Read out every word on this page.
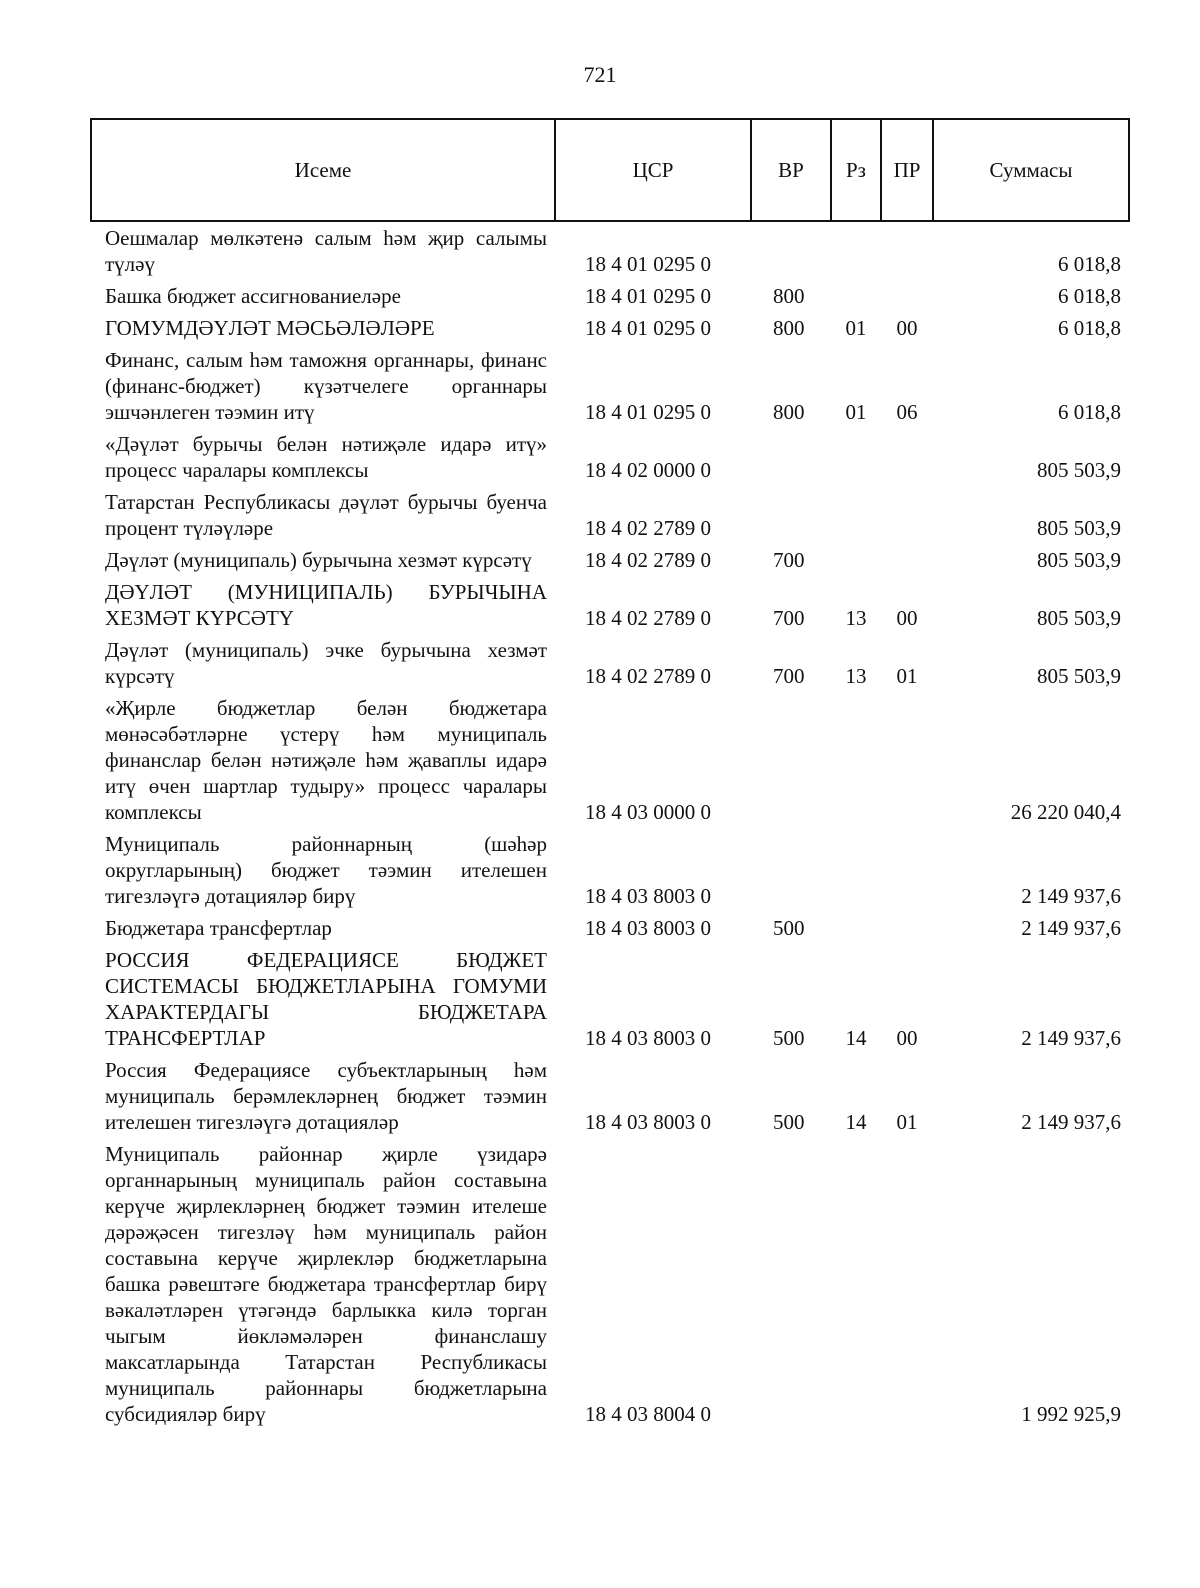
721
Исеме	ЦСР	ВР	Рз	ПР	Суммасы
Оешмалар мөлкәтенә салым һәм җир салымы түләү	18 4 01 0295 0				6 018,8
Башка бюджет ассигнованиеләре	18 4 01 0295 0	800			6 018,8
ГОМУМДӘҮЛӘТ МӘСЬӘЛӘЛӘРЕ	18 4 01 0295 0	800	01	00	6 018,8
Финанс, салым һәм таможня органнары, финанс (финанс-бюджет) күзәтчелеге органнары эшчәнлеген тәэмин итү	18 4 01 0295 0	800	01	06	6 018,8
«Дәүләт бурычы белән нәтиҗәле идарә итү» процесс чаралары комплексы	18 4 02 0000 0				805 503,9
Татарстан Республикасы дәүләт бурычы буенча процент түләүләре	18 4 02 2789 0				805 503,9
Дәүләт (муниципаль) бурычына хезмәт күрсәтү	18 4 02 2789 0	700			805 503,9
ДӘҮЛӘТ (МУНИЦИПАЛЬ) БУРЫЧЫНА ХЕЗМӘТ КҮРСӘТҮ	18 4 02 2789 0	700	13	00	805 503,9
Дәүләт (муниципаль) эчке бурычына хезмәт күрсәтү	18 4 02 2789 0	700	13	01	805 503,9
«Җирле бюджетлар белән бюджетара мөнәсәбәтләрне үстерү һәм муниципаль финанслар белән нәтиҗәле һәм җаваплы идарә итү өчен шартлар тудыру» процесс чаралары комплексы	18 4 03 0000 0				26 220 040,4
Муниципаль районнарның (шәһәр округларының) бюджет тәэмин ителешен тигезләүгә дотацияләр бирү	18 4 03 8003 0				2 149 937,6
Бюджетара трансфертлар	18 4 03 8003 0	500			2 149 937,6
РОССИЯ ФЕДЕРАЦИЯСЕ БЮДЖЕТ СИСТЕМАСЫ БЮДЖЕТЛАРЫНА ГОМУМИ ХАРАКТЕРДАГЫ БЮДЖЕТАРА ТРАНСФЕРТЛАР	18 4 03 8003 0	500	14	00	2 149 937,6
Россия Федерациясе субъектларының һәм муниципаль берәмлекләрнең бюджет тәэмин ителешен тигезләүгә дотацияләр	18 4 03 8003 0	500	14	01	2 149 937,6
Муниципаль районнар җирле үзидарә органнарының муниципаль район составына керүче җирлекләрнең бюджет тәэмин ителеше дәрәҗәсен тигезләү һәм муниципаль район составына керүче җирлекләр бюджетларына башка рәвештәге бюджетара трансфертлар бирү вәкаләтләрен үтәгәндә барлыкка килә торган чыгым йөкләмәләрен финанслашу максатларында Татарстан Республикасы муниципаль районнары бюджетларына субсидияләр бирү	18 4 03 8004 0				1 992 925,9
